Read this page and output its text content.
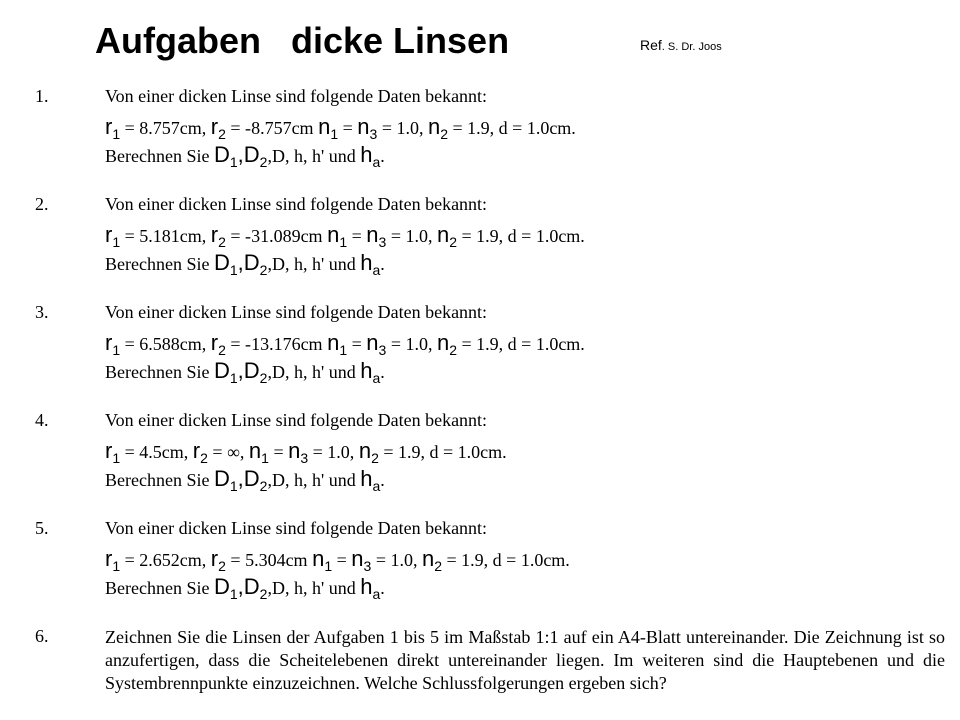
Aufgaben   dicke Linsen	Ref. S. Dr. Joos
1.	Von einer dicken Linse sind folgende Daten bekannt:
$r_1 = 8.757cm$, $r_2 = -8.757cm$ $n_1 = n_3 = 1.0$, $n_2 = 1.9$, d = 1.0cm.
Berechnen Sie $D_1,D_2,D$, h, h' und $h_a$.
2.	Von einer dicken Linse sind folgende Daten bekannt:
$r_1 = 5.181cm$, $r_2 = -31.089cm$ $n_1 = n_3 = 1.0$, $n_2 = 1.9$, d = 1.0cm.
Berechnen Sie $D_1,D_2,D$, h, h' und $h_a$.
3.	Von einer dicken Linse sind folgende Daten bekannt:
$r_1 = 6.588cm$, $r_2 = -13.176cm$ $n_1 = n_3 = 1.0$, $n_2 = 1.9$, d = 1.0cm.
Berechnen Sie $D_1,D_2,D$, h, h' und $h_a$.
4.	Von einer dicken Linse sind folgende Daten bekannt:
$r_1 = 4.5cm$, $r_2$ = ∞, $n_1 = n_3 = 1.0$, $n_2 = 1.9$, d = 1.0cm.
Berechnen Sie $D_1,D_2,D$, h, h' und $h_a$.
5.	Von einer dicken Linse sind folgende Daten bekannt:
$r_1 = 2.652cm$, $r_2 = 5.304cm$ $n_1 = n_3 = 1.0$, $n_2 = 1.9$, d = 1.0cm.
Berechnen Sie $D_1,D_2,D$, h, h' und $h_a$.
6.	Zeichnen Sie die Linsen der Aufgaben 1 bis 5 im Maßstab 1:1 auf ein A4-Blatt untereinander. Die Zeichnung ist so anzufertigen, dass die Scheitelebenen direkt untereinander liegen. Im weiteren sind die Hauptebenen und die Systembrennpunkte einzuzeichnen. Welche Schlussfolgerungen ergeben sich?
